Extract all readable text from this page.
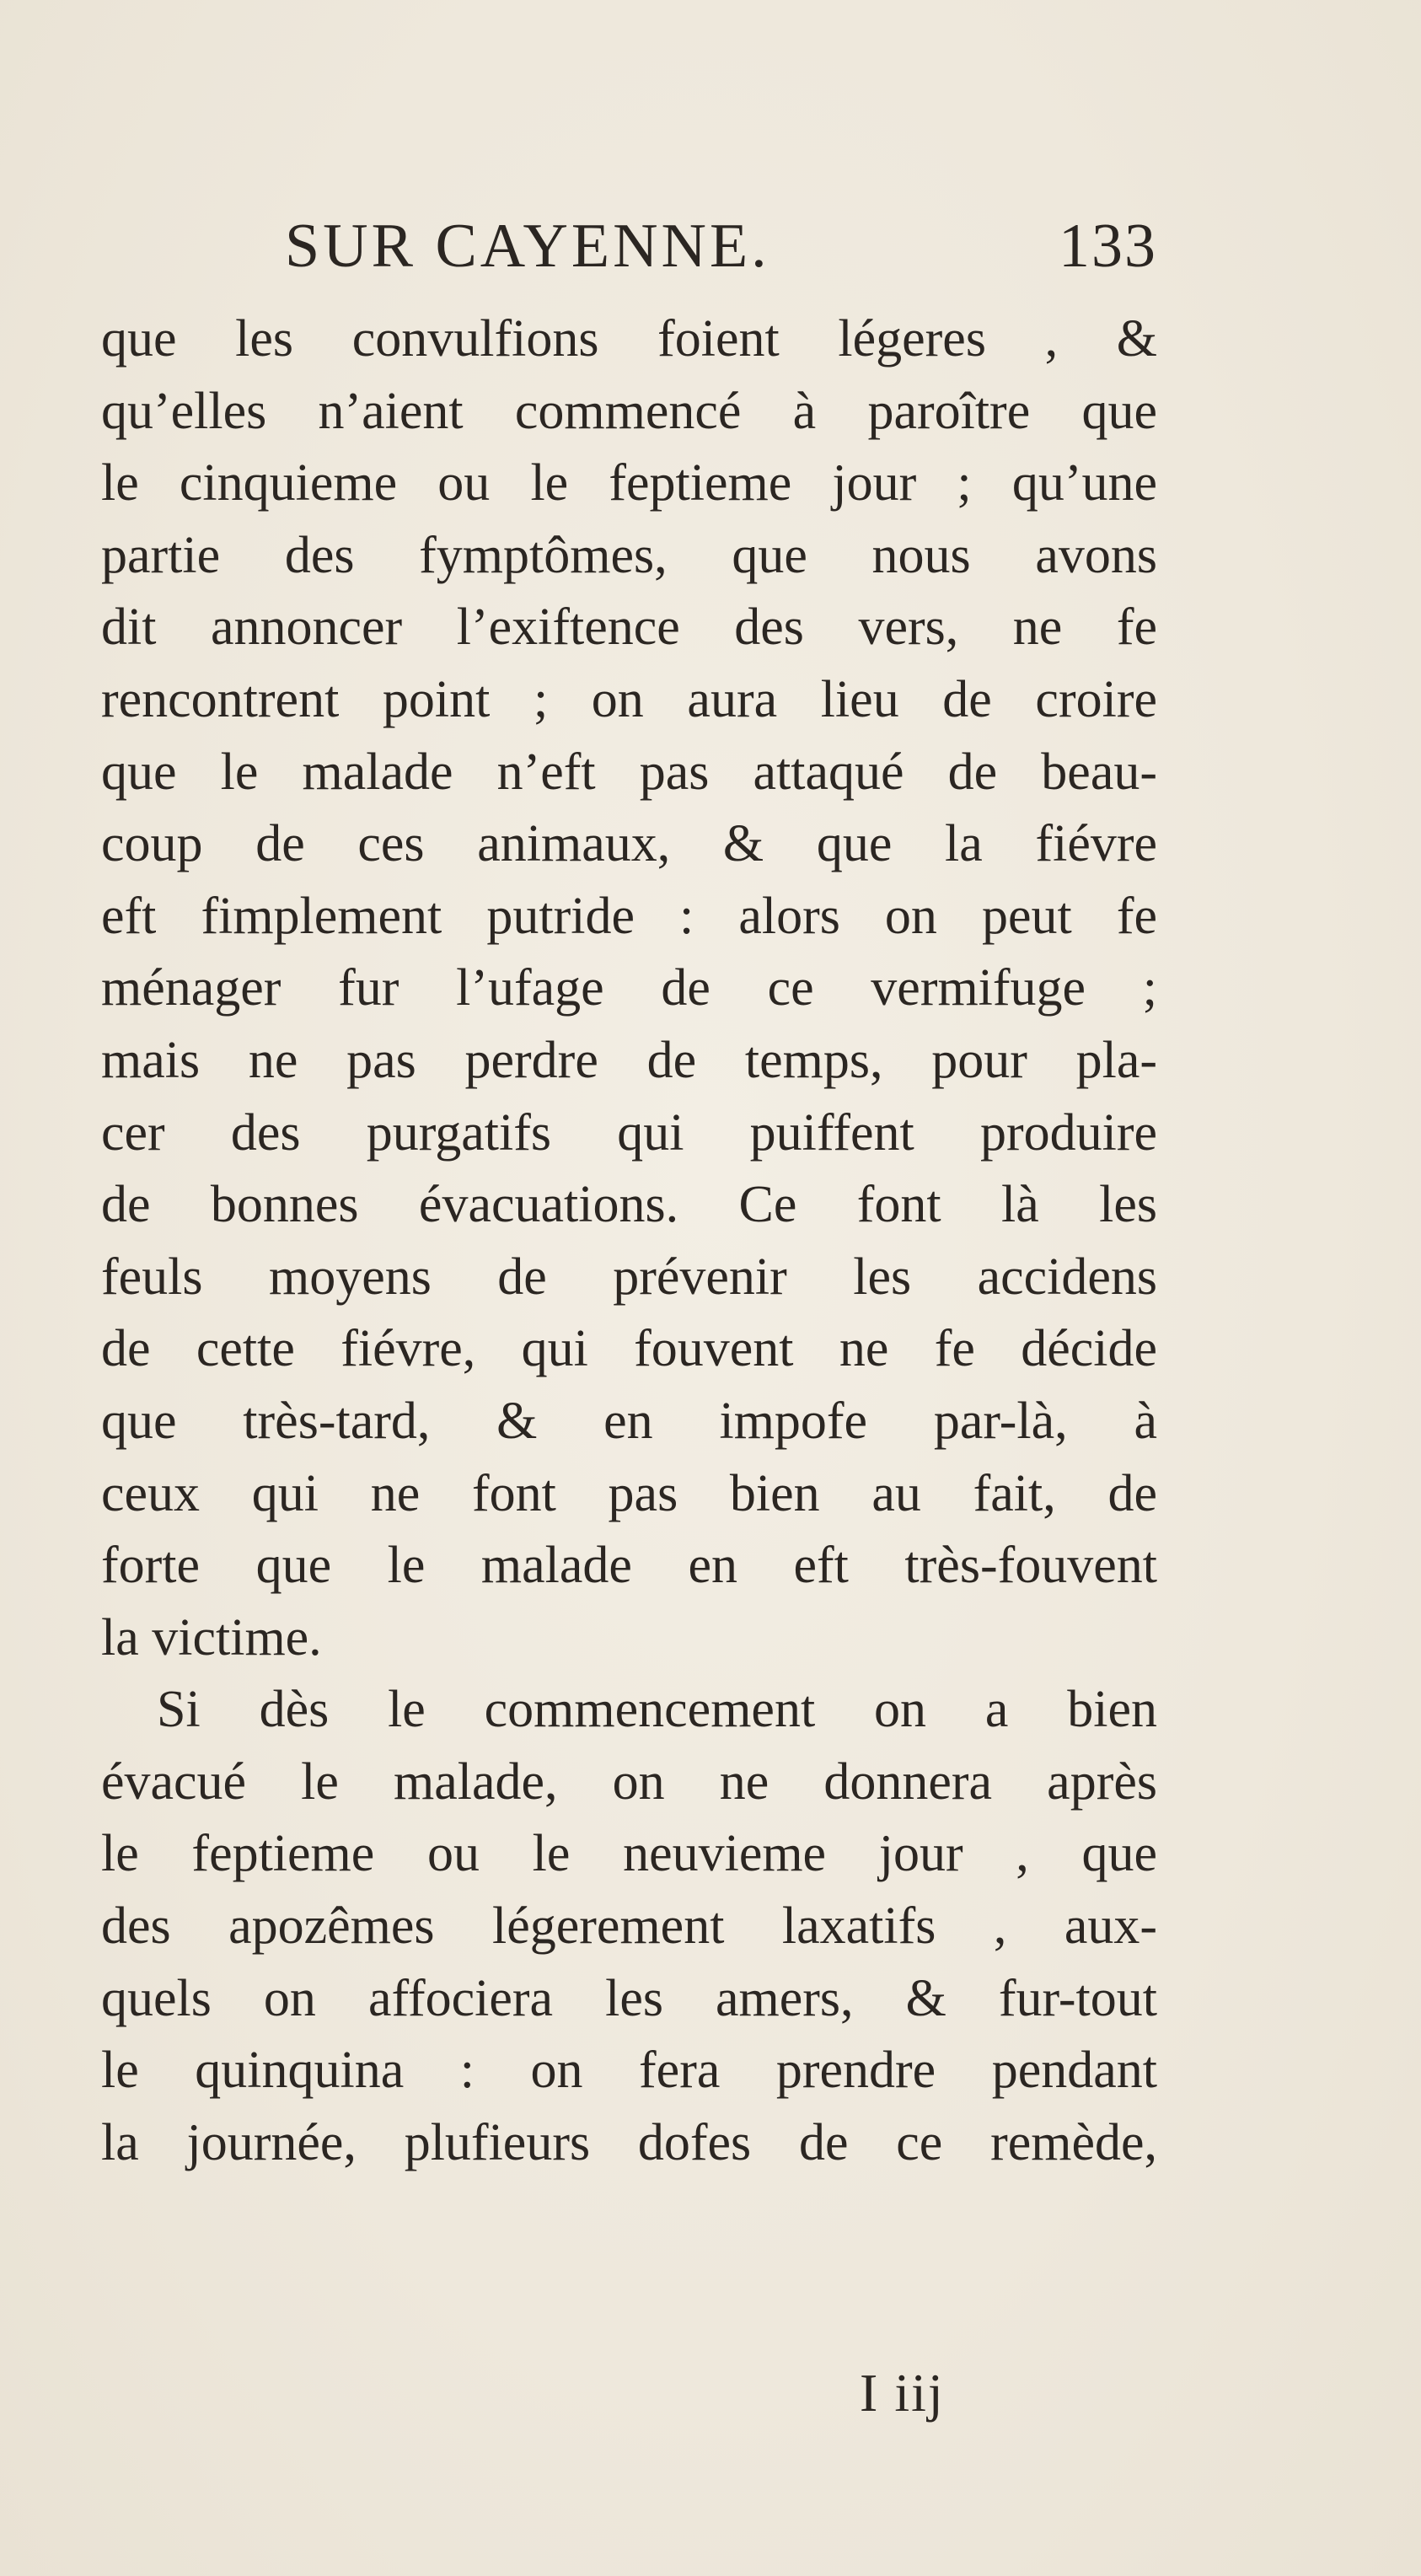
SUR CAYENNE.	133
que les convulfions foient légeres , &
qu’elles n’aient commencé à paroître que
le cinquieme ou le feptieme jour ; qu’une
partie des fymptômes, que nous avons
dit annoncer l’exiftence des vers, ne fe
rencontrent point ; on aura lieu de croire
que le malade n’eft pas attaqué de beau-
coup de ces animaux, & que la fiévre
eft fimplement putride : alors on peut fe
ménager fur l’ufage de ce vermifuge ;
mais ne pas perdre de temps, pour pla-
cer des purgatifs qui puiffent produire
de bonnes évacuations. Ce font là les
feuls moyens de prévenir les accidens
de cette fiévre, qui fouvent ne fe décide
que très-tard, & en impofe par-là, à
ceux qui ne font pas bien au fait, de
forte que le malade en eft très-fouvent
la victime.
Si dès le commencement on a bien
évacué le malade, on ne donnera après
le feptieme ou le neuvieme jour , que
des apozêmes légerement laxatifs , aux-
quels on affociera les amers, & fur-tout
le quinquina : on fera prendre pendant
la journée, plufieurs dofes de ce remède,
I iij
